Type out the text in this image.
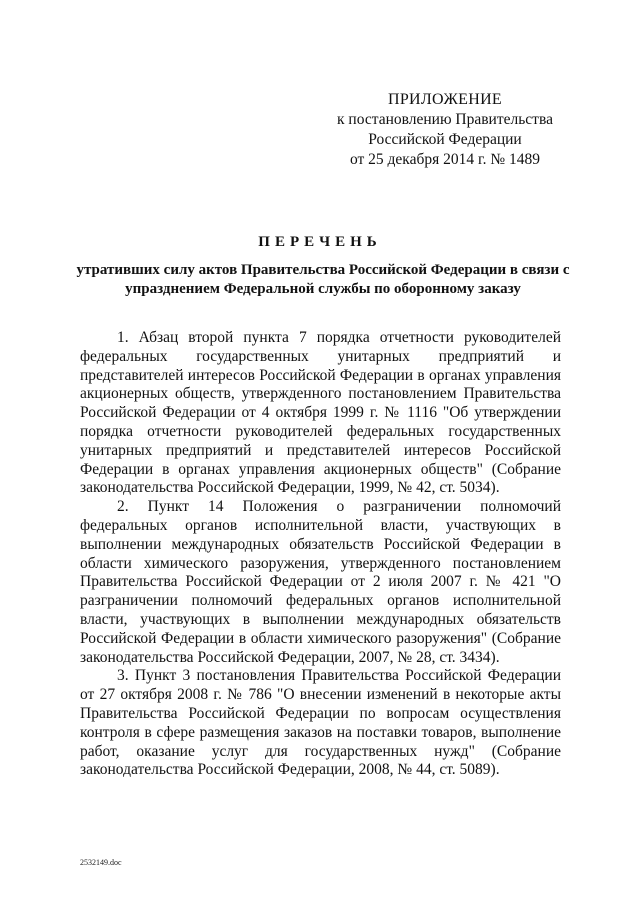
ПРИЛОЖЕНИЕ
к постановлению Правительства
Российской Федерации
от 25 декабря 2014 г. № 1489
ПЕРЕЧЕНЬ
утративших силу актов Правительства Российской Федерации в связи с упразднением Федеральной службы по оборонному заказу

1. Абзац второй пункта 7 порядка отчетности руководителей федеральных государственных унитарных предприятий и представителей интересов Российской Федерации в органах управления акционерных обществ, утвержденного постановлением Правительства Российской Федерации от 4 октября 1999 г. № 1116 "Об утверждении порядка отчетности руководителей федеральных государственных унитарных предприятий и представителей интересов Российской Федерации в органах управления акционерных обществ" (Собрание законодательства Российской Федерации, 1999, № 42, ст. 5034).

2. Пункт 14 Положения о разграничении полномочий федеральных органов исполнительной власти, участвующих в выполнении международных обязательств Российской Федерации в области химического разоружения, утвержденного постановлением Правительства Российской Федерации от 2 июля 2007 г. № 421 "О разграничении полномочий федеральных органов исполнительной власти, участвующих в выполнении международных обязательств Российской Федерации в области химического разоружения" (Собрание законодательства Российской Федерации, 2007, № 28, ст. 3434).

3. Пункт 3 постановления Правительства Российской Федерации от 27 октября 2008 г. № 786 "О внесении изменений в некоторые акты Правительства Российской Федерации по вопросам осуществления контроля в сфере размещения заказов на поставки товаров, выполнение работ, оказание услуг для государственных нужд" (Собрание законодательства Российской Федерации, 2008, № 44, ст. 5089).

2532149.doc
